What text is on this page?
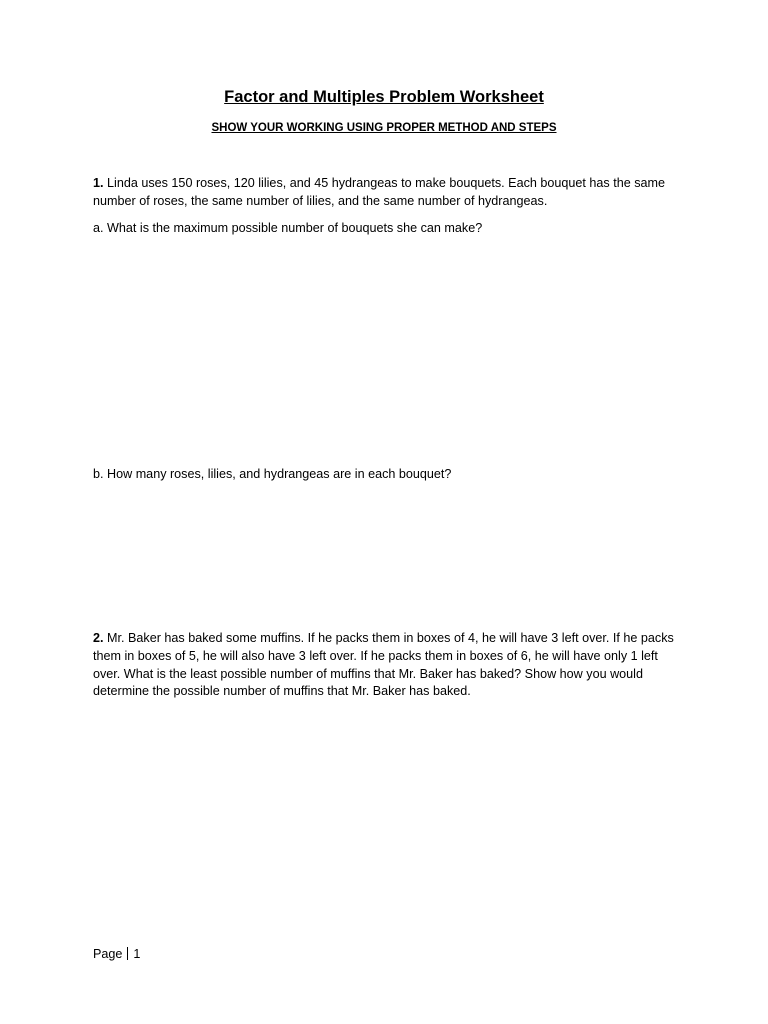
Factor and Multiples Problem Worksheet
SHOW YOUR WORKING USING PROPER METHOD AND STEPS

1. Linda uses 150 roses, 120 lilies, and 45 hydrangeas to make bouquets. Each bouquet has the same number of roses, the same number of lilies, and the same number of hydrangeas.

a. What is the maximum possible number of bouquets she can make?

b. How many roses, lilies, and hydrangeas are in each bouquet?

2. Mr. Baker has baked some muffins. If he packs them in boxes of 4, he will have 3 left over. If he packs them in boxes of 5, he will also have 3 left over. If he packs them in boxes of 6, he will have only 1 left over. What is the least possible number of muffins that Mr. Baker has baked? Show how you would determine the possible number of muffins that Mr. Baker has baked.

Page 1
